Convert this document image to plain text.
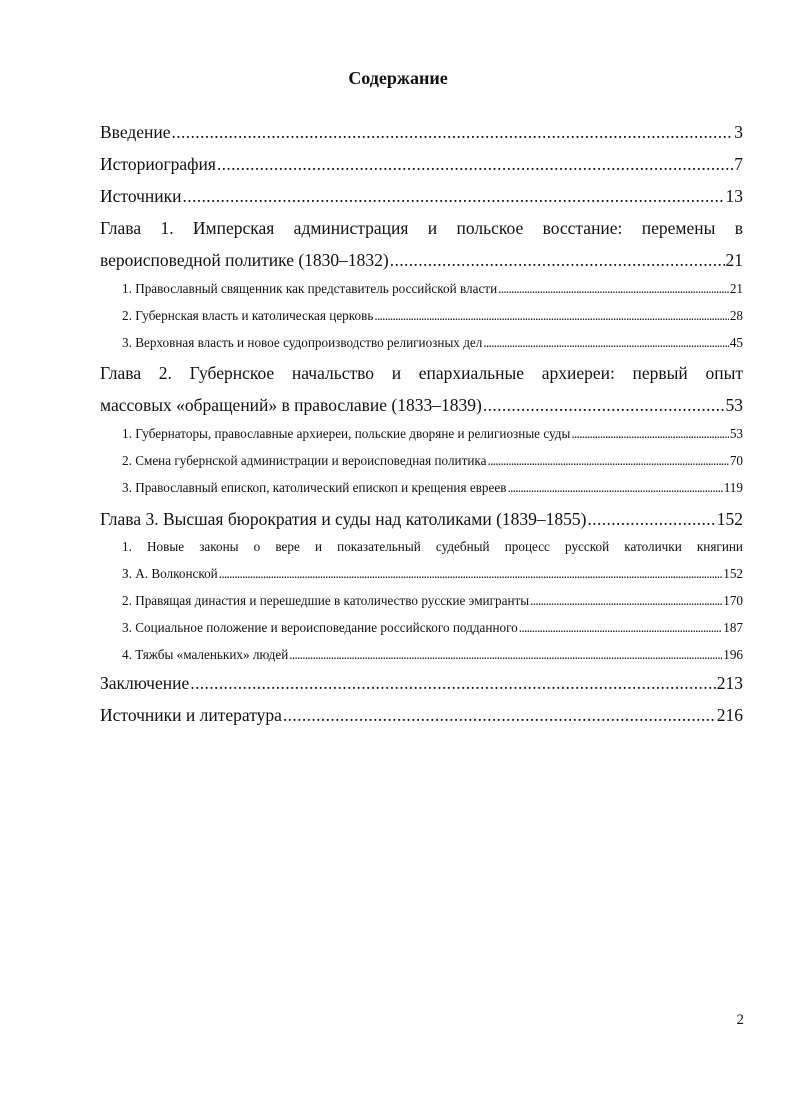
Содержание
Введение . . .	3
Историография . . .	7
Источники . . .	13
Глава 1. Имперская администрация и польское восстание: перемены в
вероисповедной политике (1830–1832) . . .	21
1. Православный священник как представитель российской власти . . .	21
2. Губернская власть и католическая церковь . . .	28
3. Верховная власть и новое судопроизводство религиозных дел . . .	45
Глава 2. Губернское начальство и епархиальные архиереи: первый опыт
массовых «обращений» в православие (1833–1839) . . .	53
1. Губернаторы, православные архиереи, польские дворяне и религиозные суды . . .	53
2. Смена губернской администрации и вероисповедная политика . . .	70
3. Православный епископ, католический епископ и крещения евреев . . .	119
Глава 3. Высшая бюрократия и суды над католиками (1839–1855) . . .	152
1. Новые законы о вере и показательный судебный процесс русской католички княгини
З. А. Волконской . . .	152
2. Правящая династия и перешедшие в католичество русские эмигранты . . .	170
3. Социальное положение и вероисповедание российского подданного . . .	187
4. Тяжбы «маленьких» людей . . .	196
Заключение . . .	213
Источники и литература . . .	216
2
